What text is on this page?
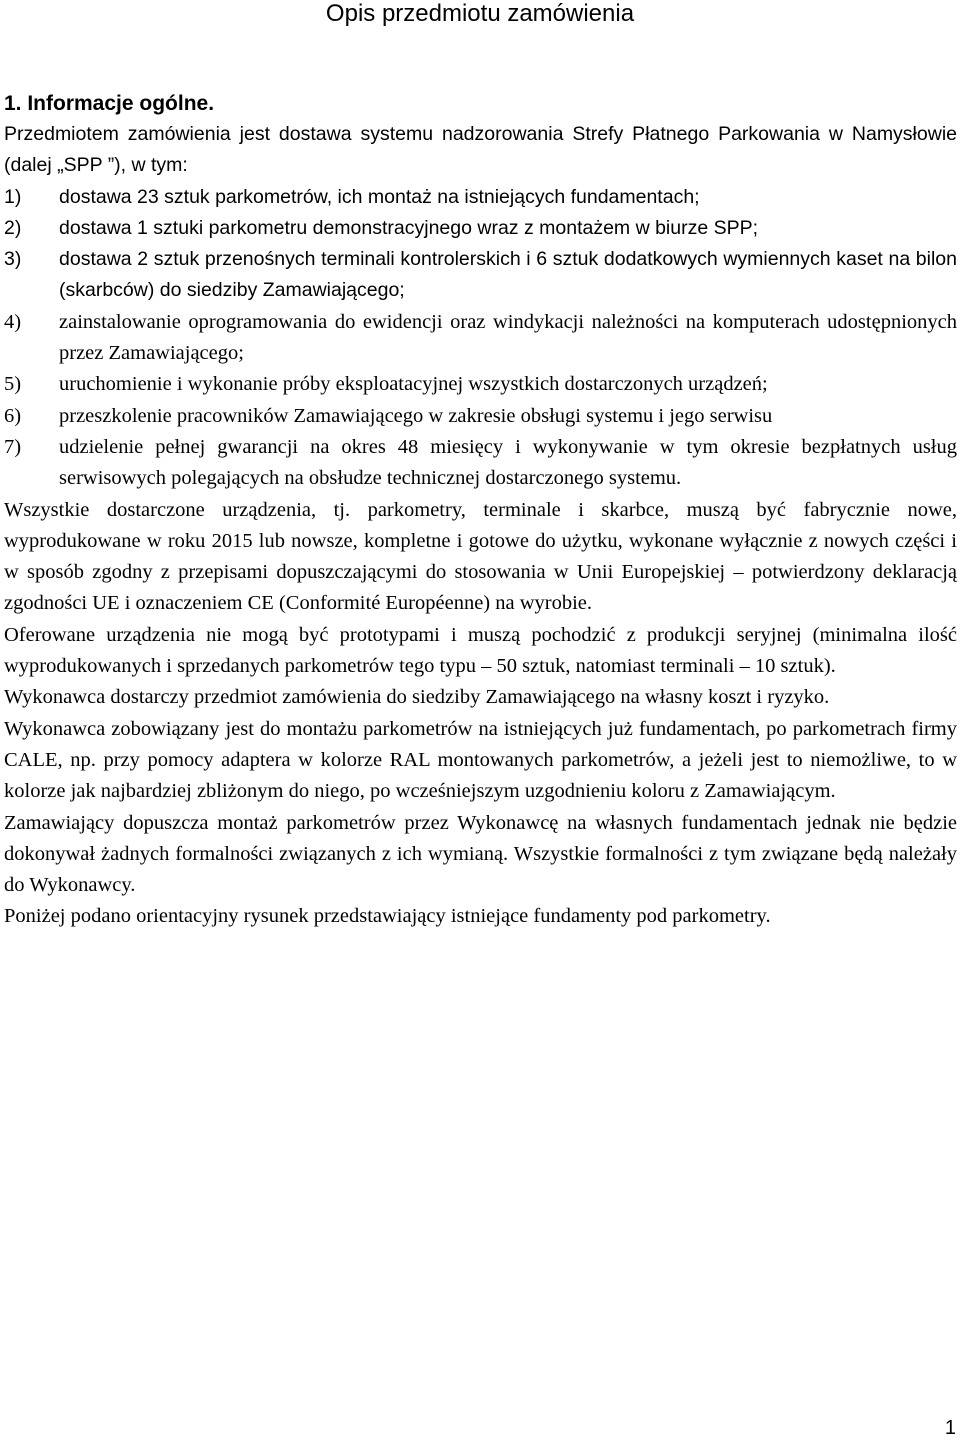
Opis przedmiotu zamówienia
1. Informacje ogólne.

Przedmiotem zamówienia jest dostawa systemu nadzorowania Strefy Płatnego Parkowania w Namysłowie (dalej „SPP ”), w tym:

1)	dostawa 23 sztuk parkometrów, ich montaż na istniejących fundamentach;
2)	dostawa 1 sztuki parkometru demonstracyjnego wraz z montażem w biurze SPP;
3)	dostawa 2 sztuk przenośnych terminali kontrolerskich i 6 sztuk dodatkowych wymiennych kaset na bilon (skarbców) do siedziby Zamawiającego;
4)	zainstalowanie oprogramowania do ewidencji oraz windykacji należności na komputerach udostępnionych przez Zamawiającego;
5)	uruchomienie i wykonanie próby eksploatacyjnej wszystkich dostarczonych urządzeń;
6)	przeszkolenie pracowników Zamawiającego w zakresie obsługi systemu i jego serwisu
7)	udzielenie pełnej gwarancji na okres 48 miesięcy i wykonywanie w tym okresie bezpłatnych usług serwisowych polegających na obsłudze technicznej dostarczonego systemu.

Wszystkie dostarczone urządzenia, tj. parkometry, terminale i skarbce, muszą być fabrycznie nowe, wyprodukowane w roku 2015 lub nowsze, kompletne i gotowe do użytku, wykonane wyłącznie z nowych części i w sposób zgodny z przepisami dopuszczającymi do stosowania w Unii Europejskiej – potwierdzony deklaracją zgodności UE i oznaczeniem CE (Conformité Européenne) na wyrobie.

Oferowane urządzenia nie mogą być prototypami i muszą pochodzić z produkcji seryjnej (minimalna ilość wyprodukowanych i sprzedanych parkometrów tego typu – 50 sztuk, natomiast terminali – 10 sztuk).

Wykonawca dostarczy przedmiot zamówienia do siedziby Zamawiającego na własny koszt i ryzyko.

Wykonawca zobowiązany jest do montażu parkometrów na istniejących już fundamentach, po parkometrach firmy CALE, np. przy pomocy adaptera w kolorze RAL montowanych parkometrów, a jeżeli jest to niemożliwe, to w kolorze jak najbardziej zbliżonym do niego, po wcześniejszym uzgodnieniu koloru z Zamawiającym.

Zamawiający dopuszcza montaż parkometrów przez Wykonawcę na własnych fundamentach jednak nie będzie dokonywał żadnych formalności związanych z ich wymianą. Wszystkie formalności z tym związane będą należały do Wykonawcy.

Poniżej podano orientacyjny rysunek przedstawiający istniejące fundamenty pod parkometry.

1
